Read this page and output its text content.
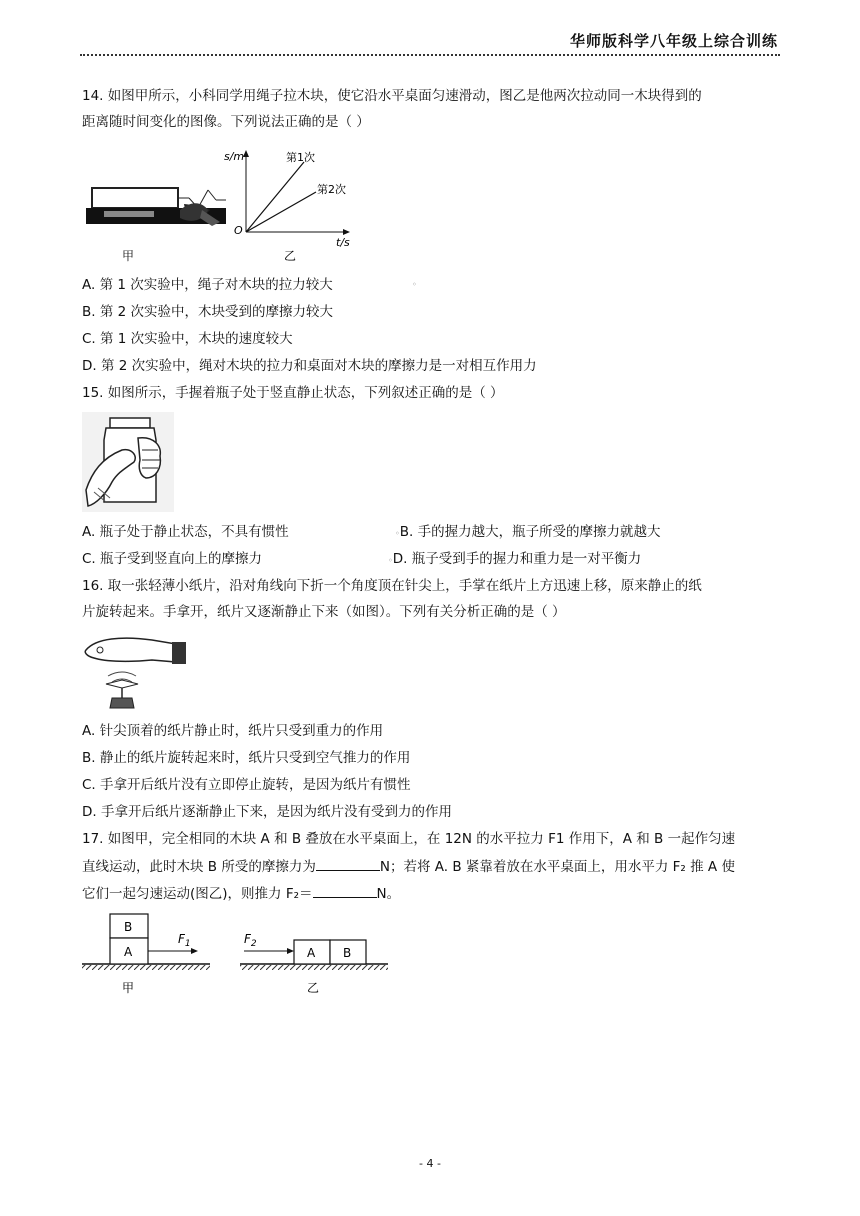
华师版科学八年级上综合训练
14. 如图甲所示，小科同学用绳子拉木块，使它沿水平桌面匀速滑动，图乙是他两次拉动同一木块得到的
距离随时间变化的图像。下列说法正确的是（ ）
甲
s/m
O
t/s
第1次
第2次
乙
A. 第 1 次实验中，绳子对木块的拉力较大	◦
B. 第 2 次实验中，木块受到的摩擦力较大
C. 第 1 次实验中，木块的速度较大
D. 第 2 次实验中，绳对木块的拉力和桌面对木块的摩擦力是一对相互作用力
15. 如图所示，手握着瓶子处于竖直静止状态，下列叙述正确的是（ ）
A. 瓶子处于静止状态，不具有惯性	◦B. 手的握力越大，瓶子所受的摩擦力就越大
C. 瓶子受到竖直向上的摩擦力	◦D. 瓶子受到手的握力和重力是一对平衡力
16. 取一张轻薄小纸片，沿对角线向下折一个角度顶在针尖上，手掌在纸片上方迅速上移，原来静止的纸
片旋转起来。手拿开，纸片又逐渐静止下来（如图）。下列有关分析正确的是（ ）
A. 针尖顶着的纸片静止时，纸片只受到重力的作用
B. 静止的纸片旋转起来时，纸片只受到空气推力的作用
C. 手拿开后纸片没有立即停止旋转，是因为纸片有惯性
D. 手拿开后纸片逐渐静止下来，是因为纸片没有受到力的作用
17. 如图甲，完全相同的木块 A 和 B 叠放在水平桌面上，在 12N 的水平拉力 F1 作用下，A 和 B 一起作匀速
直线运动，此时木块 B 所受的摩擦力为	N；若将 A. B 紧靠着放在水平桌面上，用水平力 F₂ 推 A 使
它们一起匀速运动(图乙)，则推力 F₂＝	N。
B
A
$F_1$
甲
$F_2$
A B
乙
- 4 -
